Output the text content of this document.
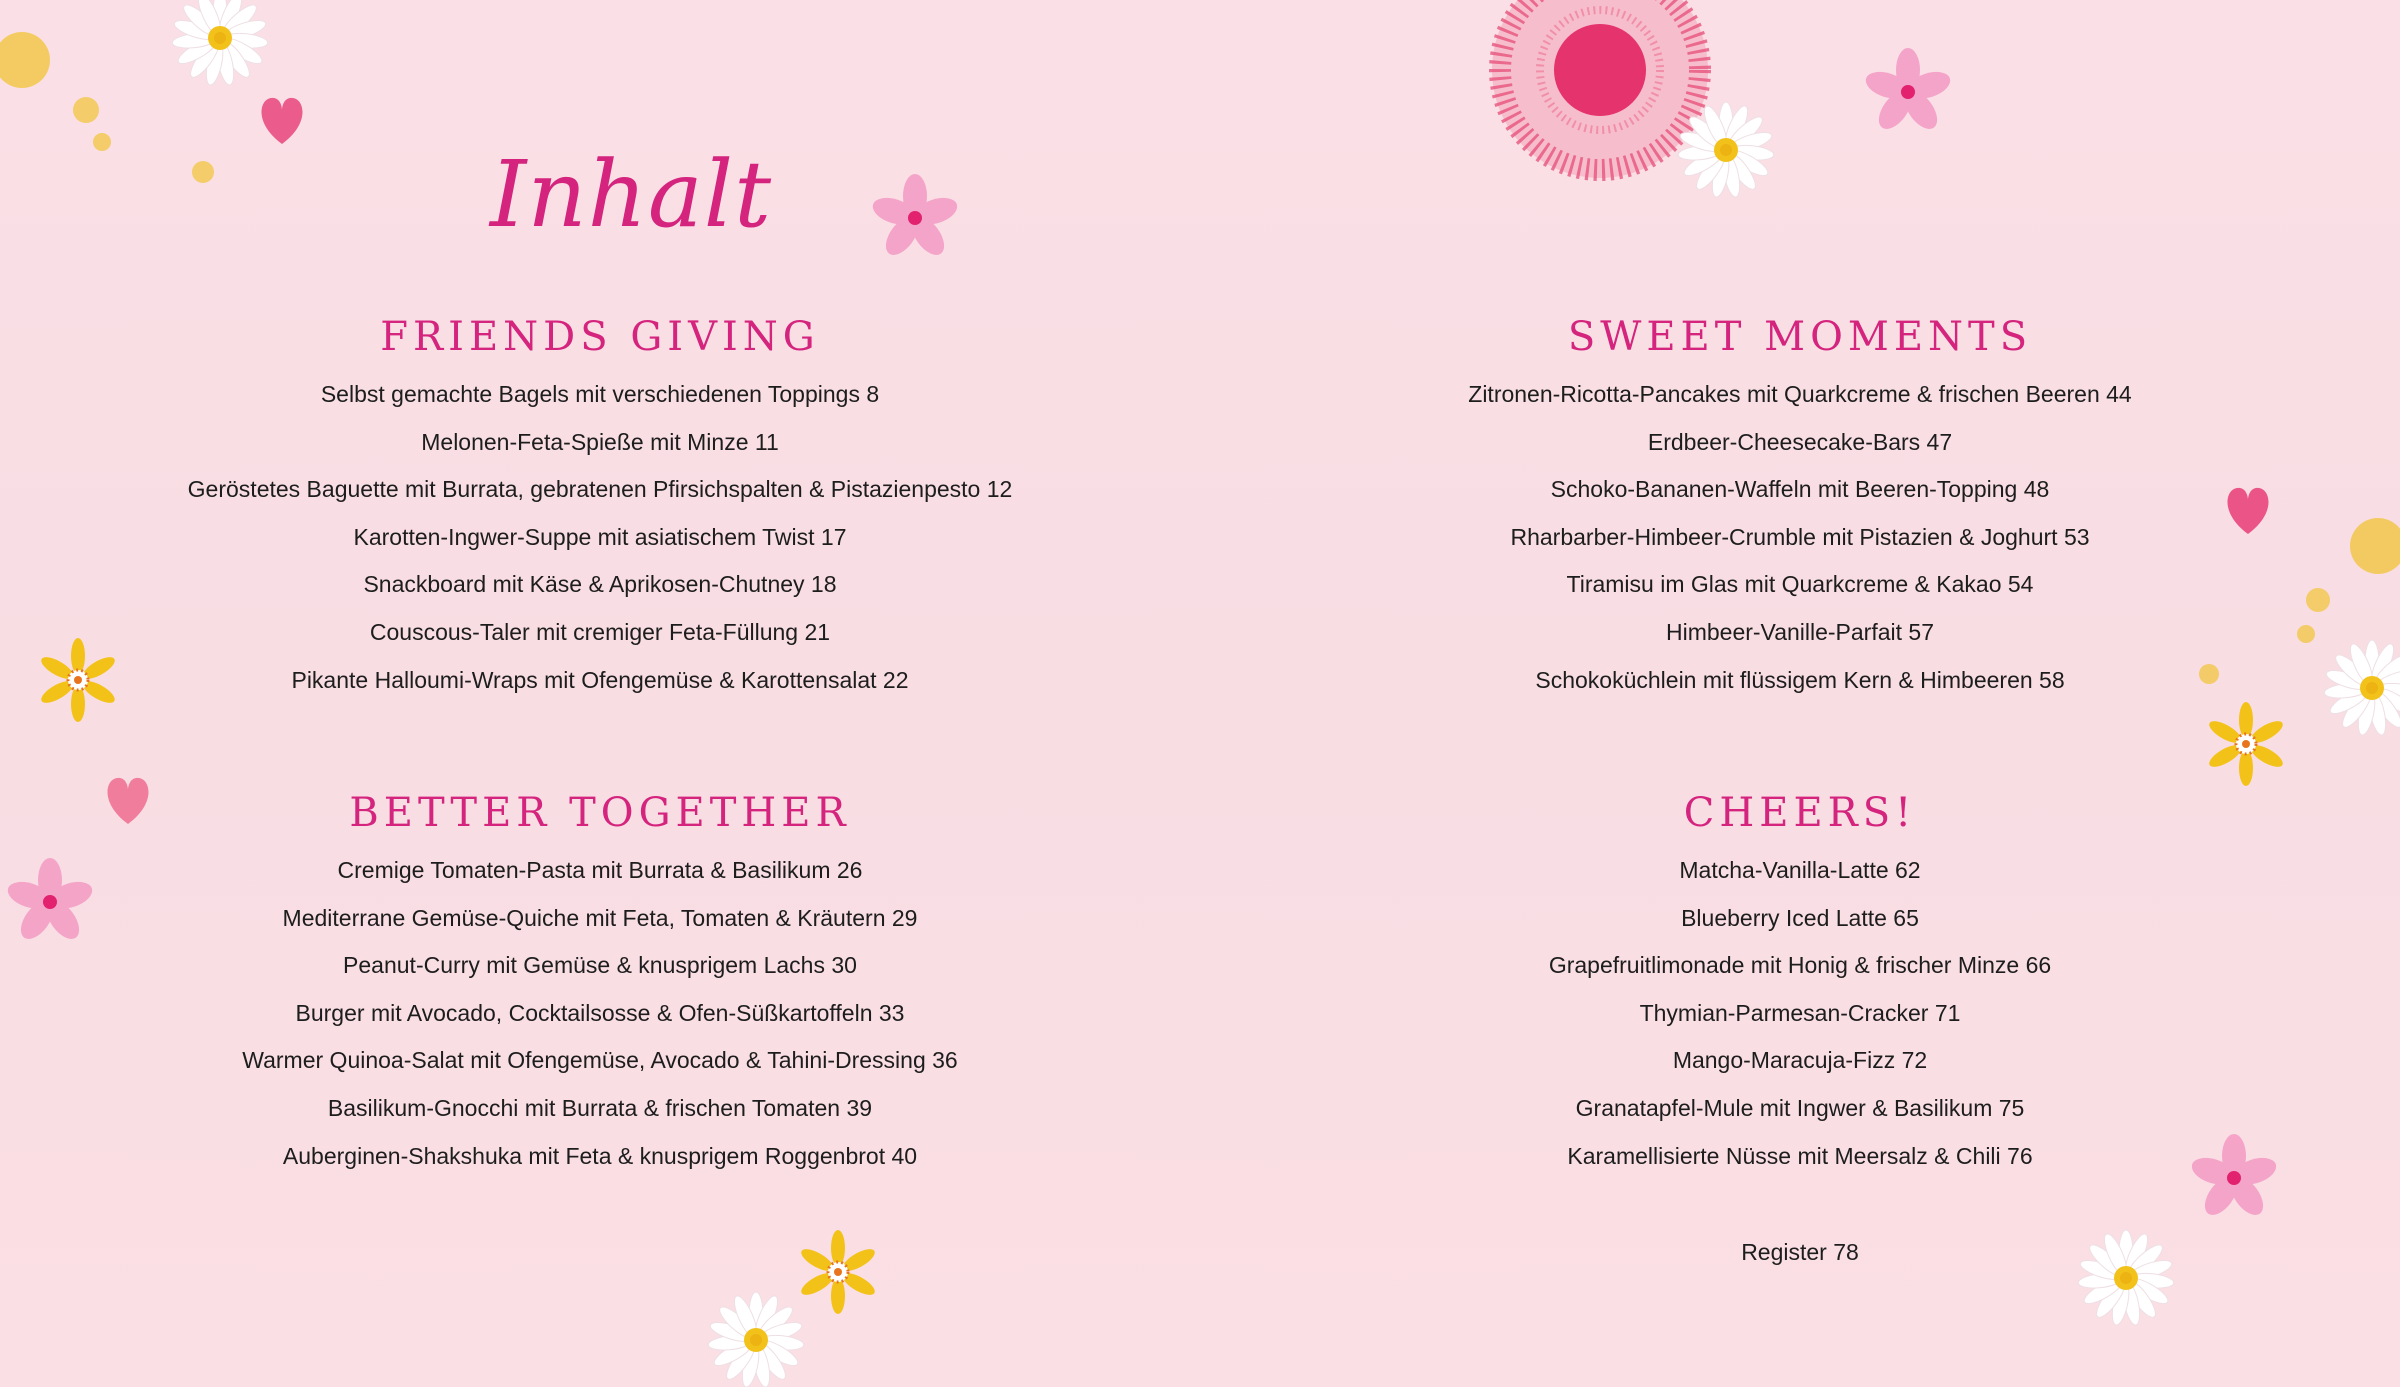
Inhalt
FRIENDS GIVING
Selbst gemachte Bagels mit verschiedenen Toppings 8
Melonen-Feta-Spieße mit Minze 11
Geröstetes Baguette mit Burrata, gebratenen Pfirsichspalten & Pistazienpesto 12
Karotten-Ingwer-Suppe mit asiatischem Twist 17
Snackboard mit Käse & Aprikosen-Chutney 18
Couscous-Taler mit cremiger Feta-Füllung 21
Pikante Halloumi-Wraps mit Ofengemüse & Karottensalat 22
BETTER TOGETHER
Cremige Tomaten-Pasta mit Burrata & Basilikum 26
Mediterrane Gemüse-Quiche mit Feta, Tomaten & Kräutern 29
Peanut-Curry mit Gemüse & knusprigem Lachs 30
Burger mit Avocado, Cocktailsosse & Ofen-Süßkartoffeln 33
Warmer Quinoa-Salat mit Ofengemüse, Avocado & Tahini-Dressing 36
Basilikum-Gnocchi mit Burrata & frischen Tomaten 39
Auberginen-Shakshuka mit Feta & knusprigem Roggenbrot 40
SWEET MOMENTS
Zitronen-Ricotta-Pancakes mit Quarkcreme & frischen Beeren 44
Erdbeer-Cheesecake-Bars 47
Schoko-Bananen-Waffeln mit Beeren-Topping 48
Rharbarber-Himbeer-Crumble mit Pistazien & Joghurt 53
Tiramisu im Glas mit Quarkcreme & Kakao 54
Himbeer-Vanille-Parfait 57
Schokoküchlein mit flüssigem Kern & Himbeeren 58
CHEERS!
Matcha-Vanilla-Latte 62
Blueberry Iced Latte 65
Grapefruitlimonade mit Honig & frischer Minze 66
Thymian-Parmesan-Cracker 71
Mango-Maracuja-Fizz 72
Granatapfel-Mule mit Ingwer & Basilikum 75
Karamellisierte Nüsse mit Meersalz & Chili 76
Register 78
